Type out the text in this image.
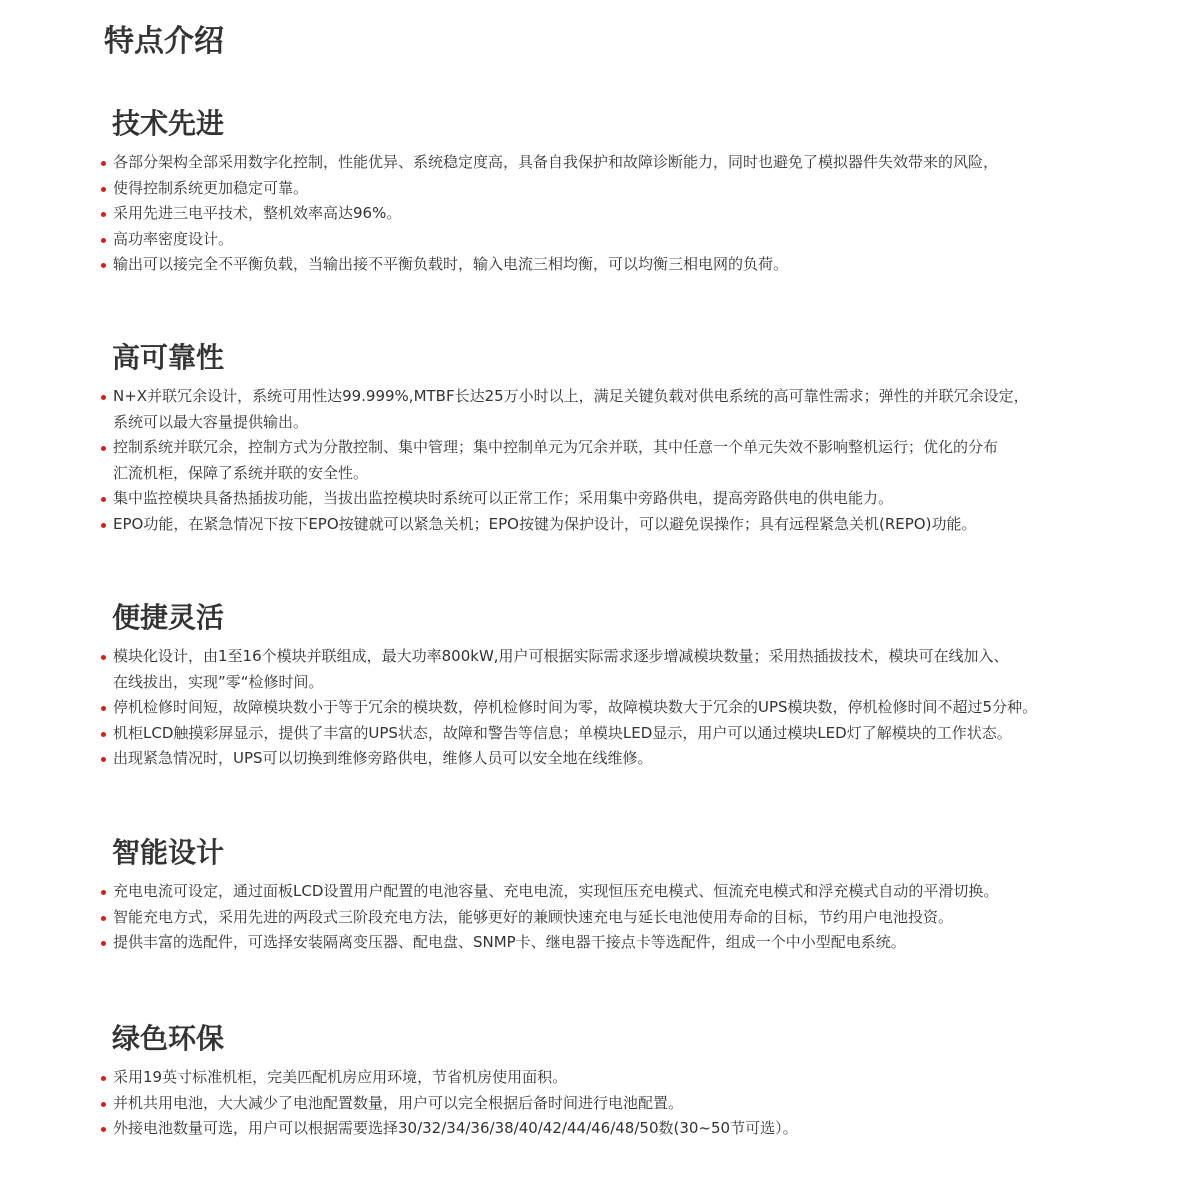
特点介绍
技术先进
各部分架构全部采用数字化控制，性能优异、系统稳定度高，具备自我保护和故障诊断能力，同时也避免了模拟器件失效带来的风险，
使得控制系统更加稳定可靠。
采用先进三电平技术，整机效率高达96%。
高功率密度设计。
输出可以接完全不平衡负载，当输出接不平衡负载时，输入电流三相均衡，可以均衡三相电网的负荷。
高可靠性
N+X并联冗余设计，系统可用性达99.999%,MTBF长达25万小时以上，满足关键负载对供电系统的高可靠性需求；弹性的并联冗余设定，
系统可以最大容量提供输出。
控制系统并联冗余，控制方式为分散控制、集中管理；集中控制单元为冗余并联，其中任意一个单元失效不影响整机运行；优化的分布
汇流机柜，保障了系统并联的安全性。
集中监控模块具备热插拔功能，当拔出监控模块时系统可以正常工作；采用集中旁路供电，提高旁路供电的供电能力。
EPO功能，在紧急情况下按下EPO按键就可以紧急关机；EPO按键为保护设计，可以避免误操作；具有远程紧急关机(REPO)功能。
便捷灵活
模块化设计，由1至16个模块并联组成，最大功率800kW,用户可根据实际需求逐步增减模块数量；采用热插拔技术，模块可在线加入、
在线拔出，实现”零“检修时间。
停机检修时间短，故障模块数小于等于冗余的模块数，停机检修时间为零，故障模块数大于冗余的UPS模块数，停机检修时间不超过5分种。
机柜LCD触摸彩屏显示，提供了丰富的UPS状态，故障和警告等信息；单模块LED显示，用户可以通过模块LED灯了解模块的工作状态。
出现紧急情况时，UPS可以切换到维修旁路供电，维修人员可以安全地在线维修。
智能设计
充电电流可设定，通过面板LCD设置用户配置的电池容量、充电电流，实现恒压充电模式、恒流充电模式和浮充模式自动的平滑切换。
智能充电方式，采用先进的两段式三阶段充电方法，能够更好的兼顾快速充电与延长电池使用寿命的目标，节约用户电池投资。
提供丰富的选配件，可选择安装隔离变压器、配电盘、SNMP卡、继电器干接点卡等选配件，组成一个中小型配电系统。
绿色环保
采用19英寸标准机柜，完美匹配机房应用环境，节省机房使用面积。
并机共用电池，大大减少了电池配置数量，用户可以完全根据后备时间进行电池配置。
外接电池数量可选，用户可以根据需要选择30/32/34/36/38/40/42/44/46/48/50数(30~50节可选）。
